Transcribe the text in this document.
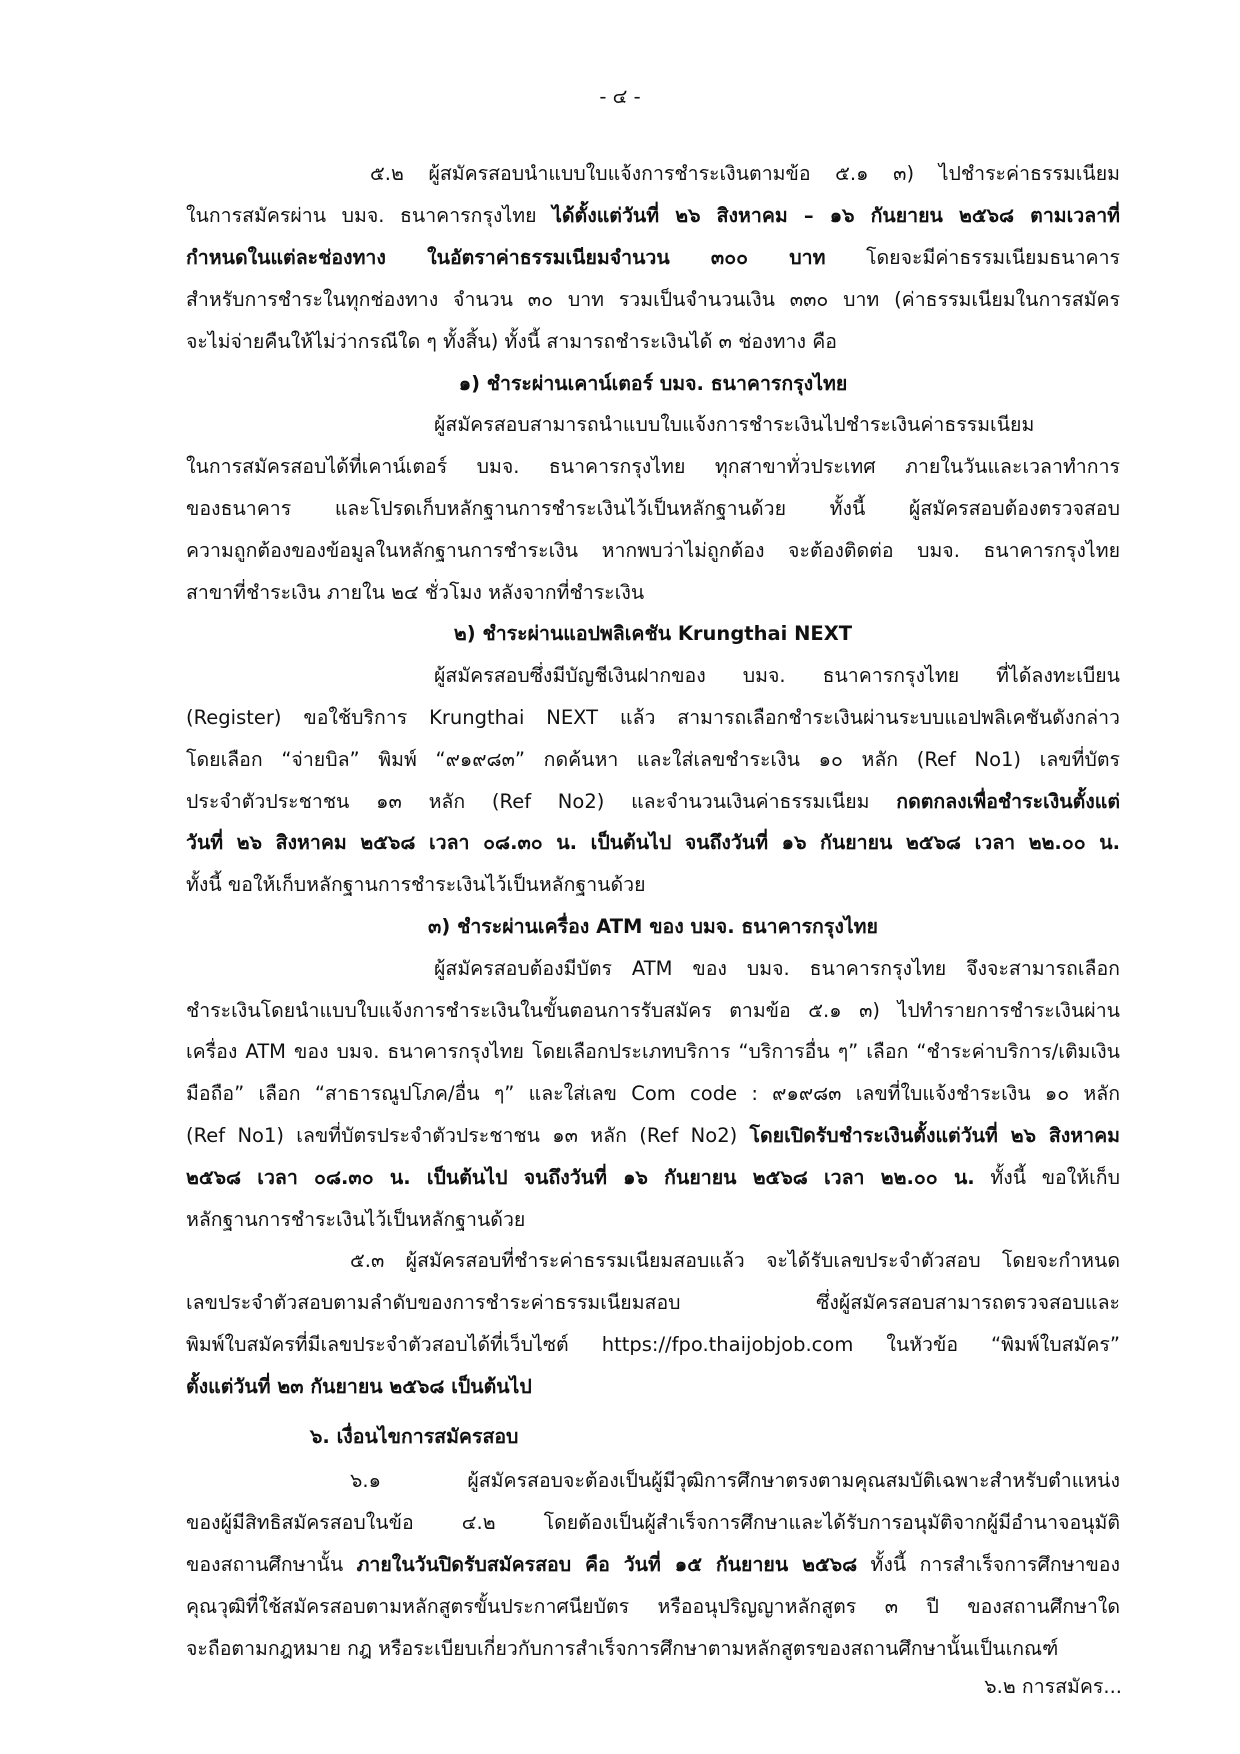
- ๔ -
๕.๒ ผู้สมัครสอบนำแบบใบแจ้งการชำระเงินตามข้อ ๕.๑ ๓) ไปชำระค่าธรรมเนียม
ในการสมัครผ่าน บมจ. ธนาคารกรุงไทย ได้ตั้งแต่วันที่ ๒๖ สิงหาคม – ๑๖ กันยายน ๒๕๖๘ ตามเวลาที่
กำหนดในแต่ละช่องทาง ในอัตราค่าธรรมเนียมจำนวน ๓๐๐ บาท โดยจะมีค่าธรรมเนียมธนาคาร
สำหรับการชำระในทุกช่องทาง จำนวน ๓๐ บาท รวมเป็นจำนวนเงิน ๓๓๐ บาท (ค่าธรรมเนียมในการสมัคร
จะไม่จ่ายคืนให้ไม่ว่ากรณีใด ๆ ทั้งสิ้น) ทั้งนี้ สามารถชำระเงินได้ ๓ ช่องทาง คือ
๑) ชำระผ่านเคาน์เตอร์ บมจ. ธนาคารกรุงไทย
ผู้สมัครสอบสามารถนำแบบใบแจ้งการชำระเงินไปชำระเงินค่าธรรมเนียม
ในการสมัครสอบได้ที่เคาน์เตอร์ บมจ. ธนาคารกรุงไทย ทุกสาขาทั่วประเทศ ภายในวันและเวลาทำการ
ของธนาคาร และโปรดเก็บหลักฐานการชำระเงินไว้เป็นหลักฐานด้วย ทั้งนี้ ผู้สมัครสอบต้องตรวจสอบ
ความถูกต้องของข้อมูลในหลักฐานการชำระเงิน หากพบว่าไม่ถูกต้อง จะต้องติดต่อ บมจ. ธนาคารกรุงไทย
สาขาที่ชำระเงิน ภายใน ๒๔ ชั่วโมง หลังจากที่ชำระเงิน
๒) ชำระผ่านแอปพลิเคชัน Krungthai NEXT
ผู้สมัครสอบซึ่งมีบัญชีเงินฝากของ บมจ. ธนาคารกรุงไทย ที่ได้ลงทะเบียน
(Register) ขอใช้บริการ Krungthai NEXT แล้ว สามารถเลือกชำระเงินผ่านระบบแอปพลิเคชันดังกล่าว
โดยเลือก “จ่ายบิล” พิมพ์ “๙๑๙๘๓” กดค้นหา และใส่เลขชำระเงิน ๑๐ หลัก (Ref No1) เลขที่บัตร
ประจำตัวประชาชน ๑๓ หลัก (Ref No2) และจำนวนเงินค่าธรรมเนียม กดตกลงเพื่อชำระเงินตั้งแต่
วันที่ ๒๖ สิงหาคม ๒๕๖๘ เวลา ๐๘.๓๐ น. เป็นต้นไป จนถึงวันที่ ๑๖ กันยายน ๒๕๖๘ เวลา ๒๒.๐๐ น.
ทั้งนี้ ขอให้เก็บหลักฐานการชำระเงินไว้เป็นหลักฐานด้วย
๓) ชำระผ่านเครื่อง ATM ของ บมจ. ธนาคารกรุงไทย
ผู้สมัครสอบต้องมีบัตร ATM ของ บมจ. ธนาคารกรุงไทย จึงจะสามารถเลือก
ชำระเงินโดยนำแบบใบแจ้งการชำระเงินในขั้นตอนการรับสมัคร ตามข้อ ๕.๑ ๓) ไปทำรายการชำระเงินผ่าน
เครื่อง ATM ของ บมจ. ธนาคารกรุงไทย โดยเลือกประเภทบริการ “บริการอื่น ๆ” เลือก “ชำระค่าบริการ/เติมเงิน
มือถือ” เลือก “สาธารณูปโภค/อื่น ๆ” และใส่เลข Com code : ๙๑๙๘๓ เลขที่ใบแจ้งชำระเงิน ๑๐ หลัก
(Ref No1) เลขที่บัตรประจำตัวประชาชน ๑๓ หลัก (Ref No2) โดยเปิดรับชำระเงินตั้งแต่วันที่ ๒๖ สิงหาคม
๒๕๖๘ เวลา ๐๘.๓๐ น. เป็นต้นไป จนถึงวันที่ ๑๖ กันยายน ๒๕๖๘ เวลา ๒๒.๐๐ น. ทั้งนี้ ขอให้เก็บ
หลักฐานการชำระเงินไว้เป็นหลักฐานด้วย
๕.๓ ผู้สมัครสอบที่ชำระค่าธรรมเนียมสอบแล้ว จะได้รับเลขประจำตัวสอบ โดยจะกำหนด
เลขประจำตัวสอบตามลำดับของการชำระค่าธรรมเนียมสอบ ซึ่งผู้สมัครสอบสามารถตรวจสอบและ
พิมพ์ใบสมัครที่มีเลขประจำตัวสอบได้ที่เว็บไซต์ https://fpo.thaijobjob.com ในหัวข้อ “พิมพ์ใบสมัคร”
ตั้งแต่วันที่ ๒๓ กันยายน ๒๕๖๘ เป็นต้นไป
๖. เงื่อนไขการสมัครสอบ
๖.๑ ผู้สมัครสอบจะต้องเป็นผู้มีวุฒิการศึกษาตรงตามคุณสมบัติเฉพาะสำหรับตำแหน่ง
ของผู้มีสิทธิสมัครสอบในข้อ ๔.๒ โดยต้องเป็นผู้สำเร็จการศึกษาและได้รับการอนุมัติจากผู้มีอำนาจอนุมัติ
ของสถานศึกษานั้น ภายในวันปิดรับสมัครสอบ คือ วันที่ ๑๕ กันยายน ๒๕๖๘ ทั้งนี้ การสำเร็จการศึกษาของ
คุณวุฒิที่ใช้สมัครสอบตามหลักสูตรขั้นประกาศนียบัตร หรืออนุปริญญาหลักสูตร ๓ ปี ของสถานศึกษาใด
จะถือตามกฎหมาย กฎ หรือระเบียบเกี่ยวกับการสำเร็จการศึกษาตามหลักสูตรของสถานศึกษานั้นเป็นเกณฑ์
๖.๒ การสมัคร...
